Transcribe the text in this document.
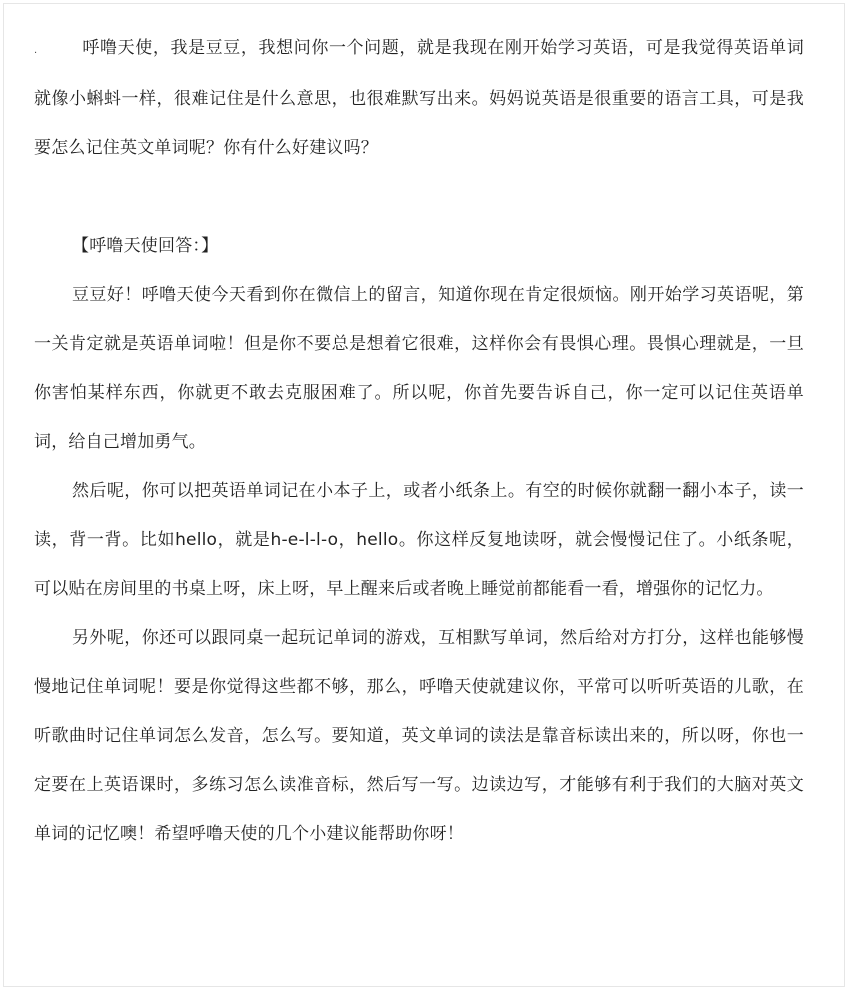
.	呼噜天使，我是豆豆，我想问你一个问题，就是我现在刚开始学习英语，可是我觉得英语单词就像小蝌蚪一样，很难记住是什么意思，也很难默写出来。妈妈说英语是很重要的语言工具，可是我要怎么记住英文单词呢？你有什么好建议吗？

【呼噜天使回答：】

豆豆好！呼噜天使今天看到你在微信上的留言，知道你现在肯定很烦恼。刚开始学习英语呢，第一关肯定就是英语单词啦！但是你不要总是想着它很难，这样你会有畏惧心理。畏惧心理就是，一旦你害怕某样东西，你就更不敢去克服困难了。所以呢，你首先要告诉自己，你一定可以记住英语单词，给自己增加勇气。

然后呢，你可以把英语单词记在小本子上，或者小纸条上。有空的时候你就翻一翻小本子，读一读，背一背。比如hello，就是h-e-l-l-o，hello。你这样反复地读呀，就会慢慢记住了。小纸条呢，可以贴在房间里的书桌上呀，床上呀，早上醒来后或者晚上睡觉前都能看一看，增强你的记忆力。

另外呢，你还可以跟同桌一起玩记单词的游戏，互相默写单词，然后给对方打分，这样也能够慢慢地记住单词呢！要是你觉得这些都不够，那么，呼噜天使就建议你，平常可以听听英语的儿歌，在听歌曲时记住单词怎么发音，怎么写。要知道，英文单词的读法是靠音标读出来的，所以呀，你也一定要在上英语课时，多练习怎么读准音标，然后写一写。边读边写，才能够有利于我们的大脑对英文单词的记忆噢！希望呼噜天使的几个小建议能帮助你呀！
